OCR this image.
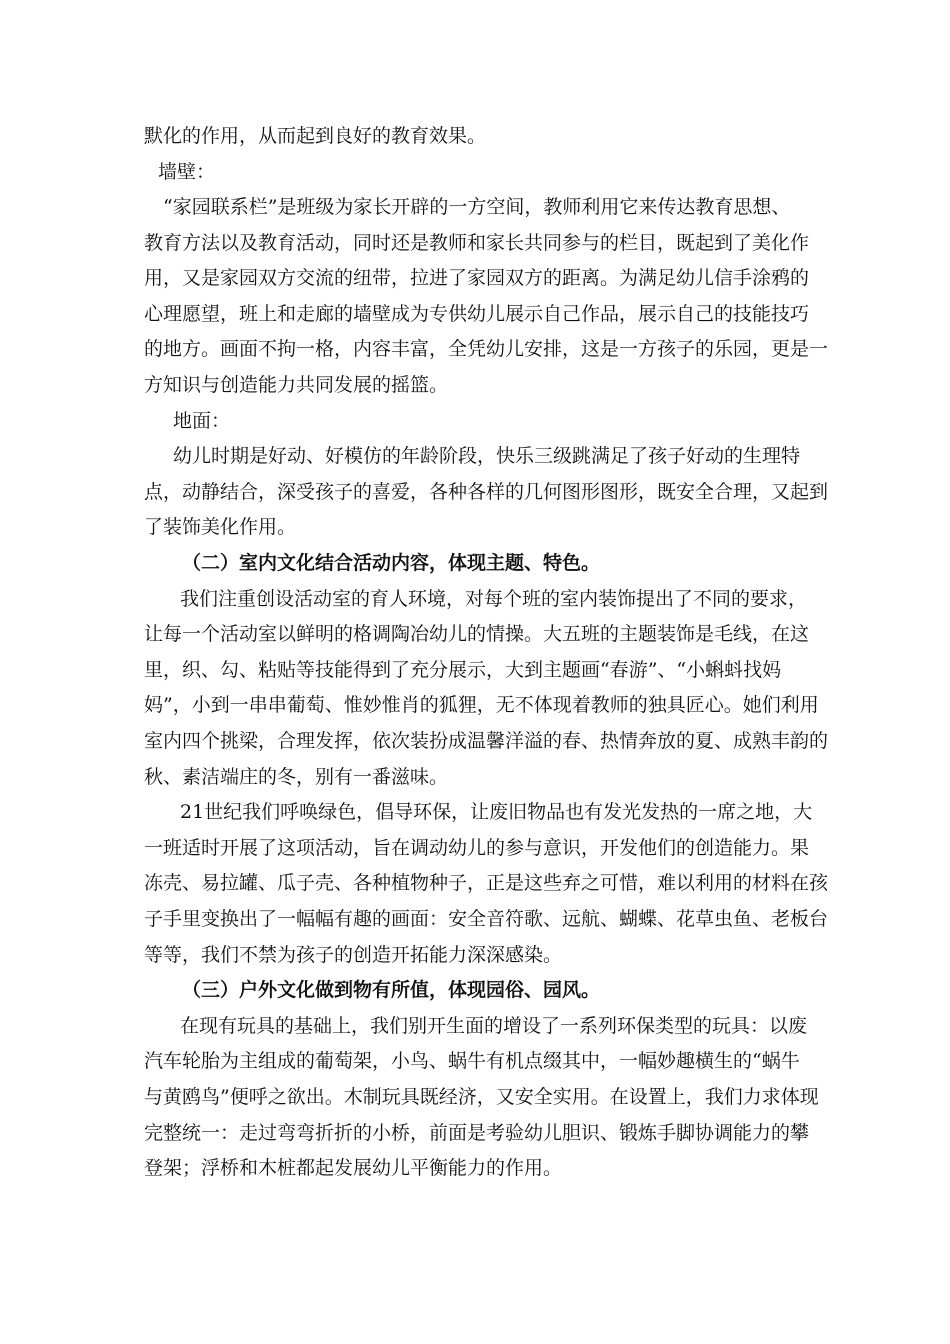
默化的作用，从而起到良好的教育效果。
墙壁：
“家园联系栏”是班级为家长开辟的一方空间，教师利用它来传达教育思想、
教育方法以及教育活动，同时还是教师和家长共同参与的栏目，既起到了美化作
用，又是家园双方交流的纽带，拉进了家园双方的距离。为满足幼儿信手涂鸦的
心理愿望，班上和走廊的墙壁成为专供幼儿展示自己作品，展示自己的技能技巧
的地方。画面不拘一格，内容丰富，全凭幼儿安排，这是一方孩子的乐园，更是一
方知识与创造能力共同发展的摇篮。
地面：
幼儿时期是好动、好模仿的年龄阶段，快乐三级跳满足了孩子好动的生理特
点，动静结合，深受孩子的喜爱，各种各样的几何图形图形，既安全合理，又起到
了装饰美化作用。
（二）室内文化结合活动内容，体现主题、特色。
我们注重创设活动室的育人环境，对每个班的室内装饰提出了不同的要求，
让每一个活动室以鲜明的格调陶冶幼儿的情操。大五班的主题装饰是毛线，在这
里，织、勾、粘贴等技能得到了充分展示，大到主题画“春游”、“小蝌蚪找妈
妈”，小到一串串葡萄、惟妙惟肖的狐狸，无不体现着教师的独具匠心。她们利用
室内四个挑梁，合理发挥，依次装扮成温馨洋溢的春、热情奔放的夏、成熟丰韵的
秋、素洁端庄的冬，别有一番滋味。
21世纪我们呼唤绿色，倡导环保，让废旧物品也有发光发热的一席之地，大
一班适时开展了这项活动，旨在调动幼儿的参与意识，开发他们的创造能力。果
冻壳、易拉罐、瓜子壳、各种植物种子，正是这些弃之可惜，难以利用的材料在孩
子手里变换出了一幅幅有趣的画面：安全音符歌、远航、蝴蝶、花草虫鱼、老板台
等等，我们不禁为孩子的创造开拓能力深深感染。
（三）户外文化做到物有所值，体现园俗、园风。
在现有玩具的基础上，我们别开生面的增设了一系列环保类型的玩具：以废
汽车轮胎为主组成的葡萄架，小鸟、蜗牛有机点缀其中，一幅妙趣横生的“蜗牛
与黄鸥鸟”便呼之欲出。木制玩具既经济，又安全实用。在设置上，我们力求体现
完整统一：走过弯弯折折的小桥，前面是考验幼儿胆识、锻炼手脚协调能力的攀
登架；浮桥和木桩都起发展幼儿平衡能力的作用。
